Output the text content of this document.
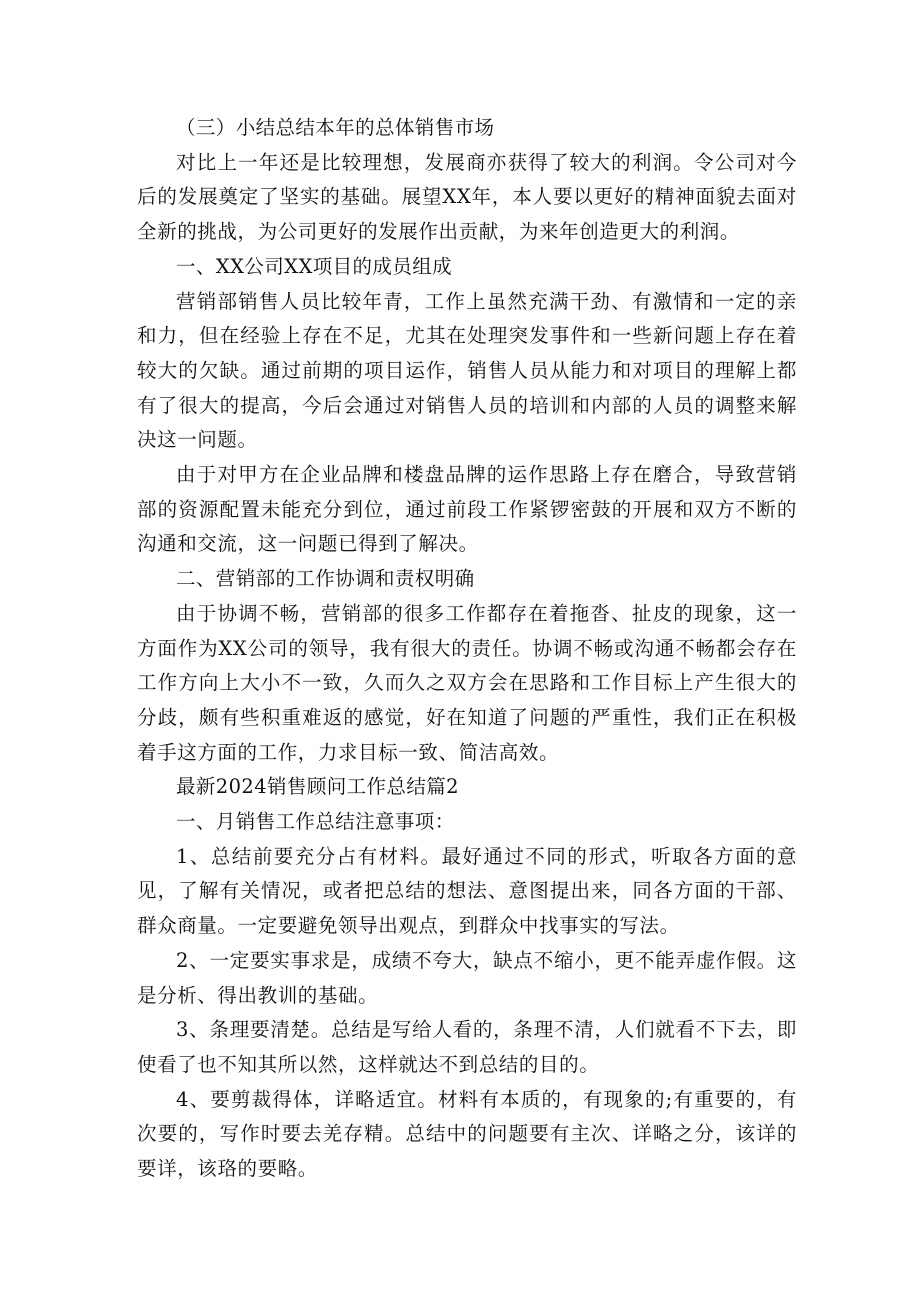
（三）小结总结本年的总体销售市场

对比上一年还是比较理想，发展商亦获得了较大的利润。令公司对今后的发展奠定了坚实的基础。展望XX年，本人要以更好的精神面貌去面对全新的挑战，为公司更好的发展作出贡献，为来年创造更大的利润。

一、XX公司XX项目的成员组成

营销部销售人员比较年青，工作上虽然充满干劲、有激情和一定的亲和力，但在经验上存在不足，尤其在处理突发事件和一些新问题上存在着较大的欠缺。通过前期的项目运作，销售人员从能力和对项目的理解上都有了很大的提高，今后会通过对销售人员的培训和内部的人员的调整来解决这一问题。

由于对甲方在企业品牌和楼盘品牌的运作思路上存在磨合，导致营销部的资源配置未能充分到位，通过前段工作紧锣密鼓的开展和双方不断的沟通和交流，这一问题已得到了解决。

二、营销部的工作协调和责权明确

由于协调不畅，营销部的很多工作都存在着拖沓、扯皮的现象，这一方面作为XX公司的领导，我有很大的责任。协调不畅或沟通不畅都会存在工作方向上大小不一致，久而久之双方会在思路和工作目标上产生很大的分歧，颇有些积重难返的感觉，好在知道了问题的严重性，我们正在积极着手这方面的工作，力求目标一致、简洁高效。

最新2024销售顾问工作总结篇2

一、月销售工作总结注意事项：

1、总结前要充分占有材料。最好通过不同的形式，听取各方面的意见，了解有关情况，或者把总结的想法、意图提出来，同各方面的干部、群众商量。一定要避免领导出观点，到群众中找事实的写法。

2、一定要实事求是，成绩不夸大，缺点不缩小，更不能弄虚作假。这是分析、得出教训的基础。

3、条理要清楚。总结是写给人看的，条理不清，人们就看不下去，即使看了也不知其所以然，这样就达不到总结的目的。

4、要剪裁得体，详略适宜。材料有本质的，有现象的;有重要的，有次要的，写作时要去羌存精。总结中的问题要有主次、详略之分，该详的要详，该珞的要略。
